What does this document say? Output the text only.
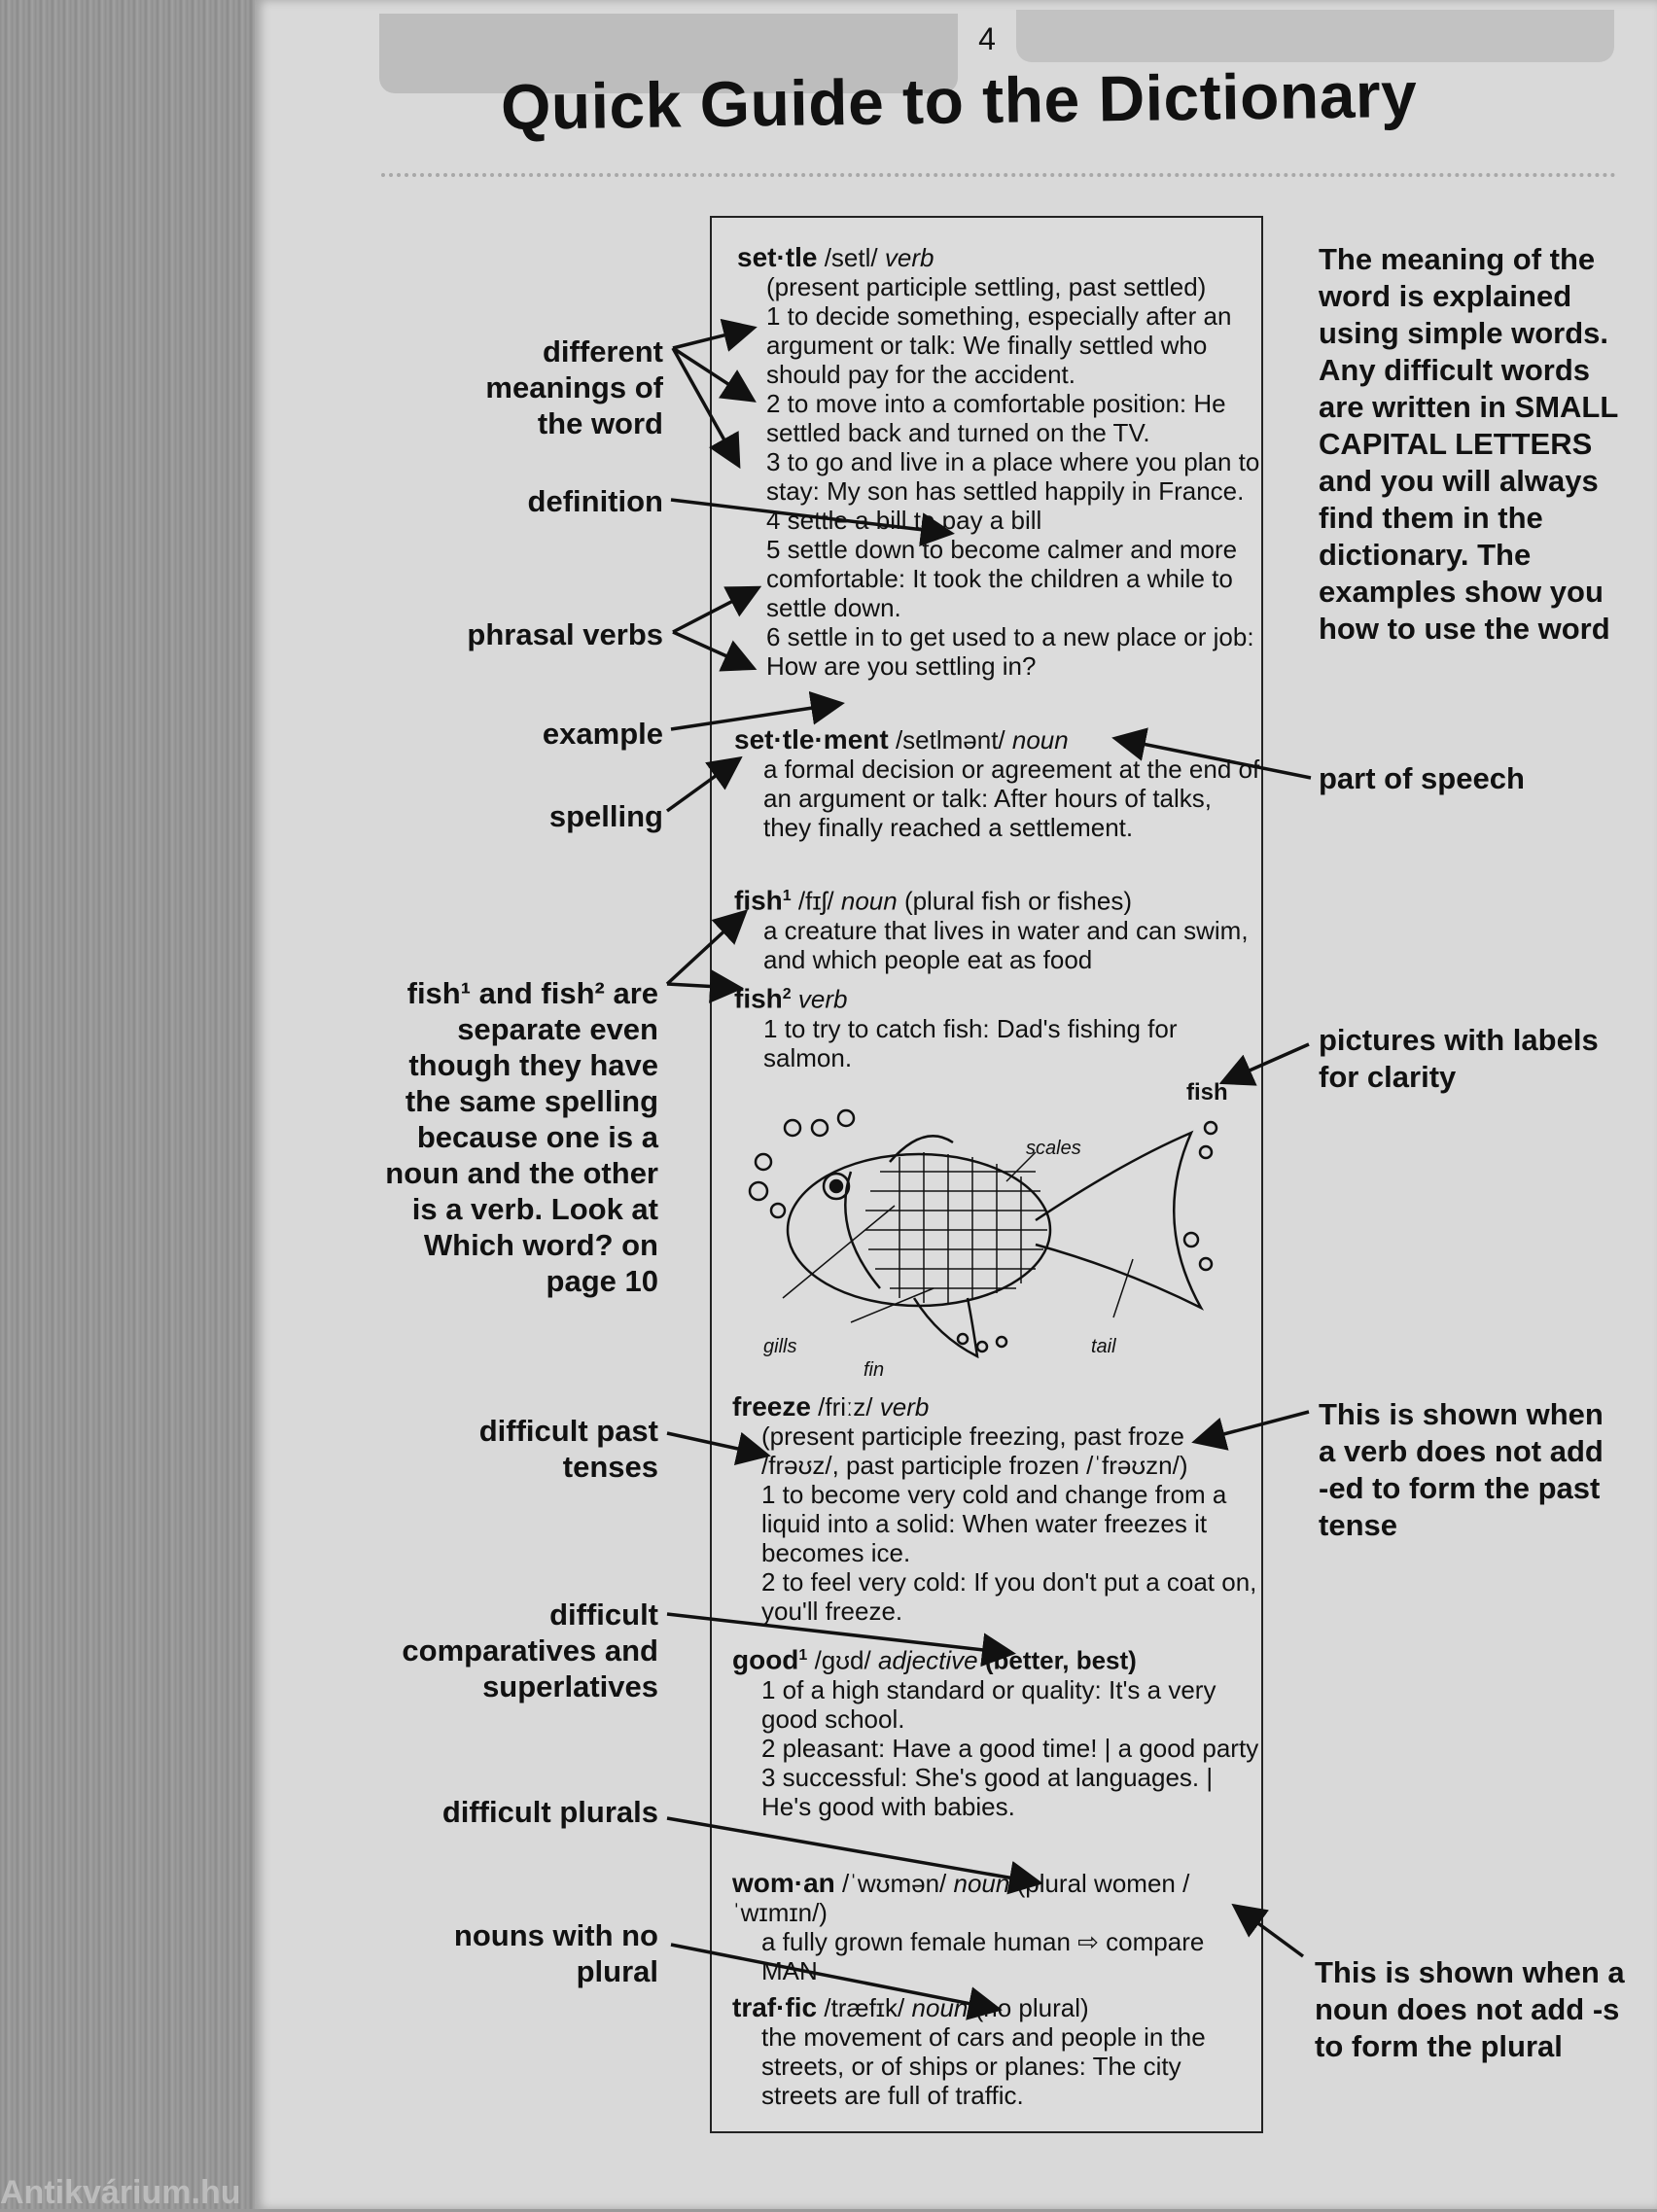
4
Quick Guide to the Dictionary
set·tle /setl/ verb
(present participle settling, past settled)
1 to decide something, especially after an argument or talk: We finally settled who should pay for the accident.
2 to move into a comfortable position: He settled back and turned on the TV.
3 to go and live in a place where you plan to stay: My son has settled happily in France.
4 settle a bill to pay a bill
5 settle down to become calmer and more comfortable: It took the children a while to settle down.
6 settle in to get used to a new place or job: How are you settling in?
set·tle·ment /setlmənt/ noun
a formal decision or agreement at the end of an argument or talk: After hours of talks, they finally reached a settlement.
fish$^1$ /fɪʃ/ noun (plural fish or fishes)
a creature that lives in water and can swim, and which people eat as food
fish$^2$ verb
1 to try to catch fish: Dad's fishing for salmon.
fish
scales
gills
fin
tail
freeze /friːz/ verb
(present participle freezing, past froze /frəʊz/, past participle frozen /ˈfrəʊzn/)
1 to become very cold and change from a liquid into a solid: When water freezes it becomes ice.
2 to feel very cold: If you don't put a coat on, you'll freeze.
good$^1$ /gʊd/ adjective (better, best)
1 of a high standard or quality: It's a very good school.
2 pleasant: Have a good time! | a good party
3 successful: She's good at languages. | He's good with babies.
wom·an /ˈwʊmən/ noun (plural women /ˈwɪmɪn/)
a fully grown female human ⇨ compare MAN
traf·fic /træfɪk/ noun (no plural)
the movement of cars and people in the streets, or of ships or planes: The city streets are full of traffic.
different meanings of the word
definition
phrasal verbs
example
spelling
fish¹ and fish² are separate even though they have the same spelling because one is a noun and the other is a verb. Look at Which word? on page 10
difficult past tenses
difficult comparatives and superlatives
difficult plurals
nouns with no plural
The meaning of the word is explained using simple words. Any difficult words are written in SMALL CAPITAL LETTERS and you will always find them in the dictionary. The examples show you how to use the word
part of speech
pictures with labels for clarity
This is shown when a verb does not add -ed to form the past tense
This is shown when a noun does not add -s to form the plural
Antikvárium.hu
